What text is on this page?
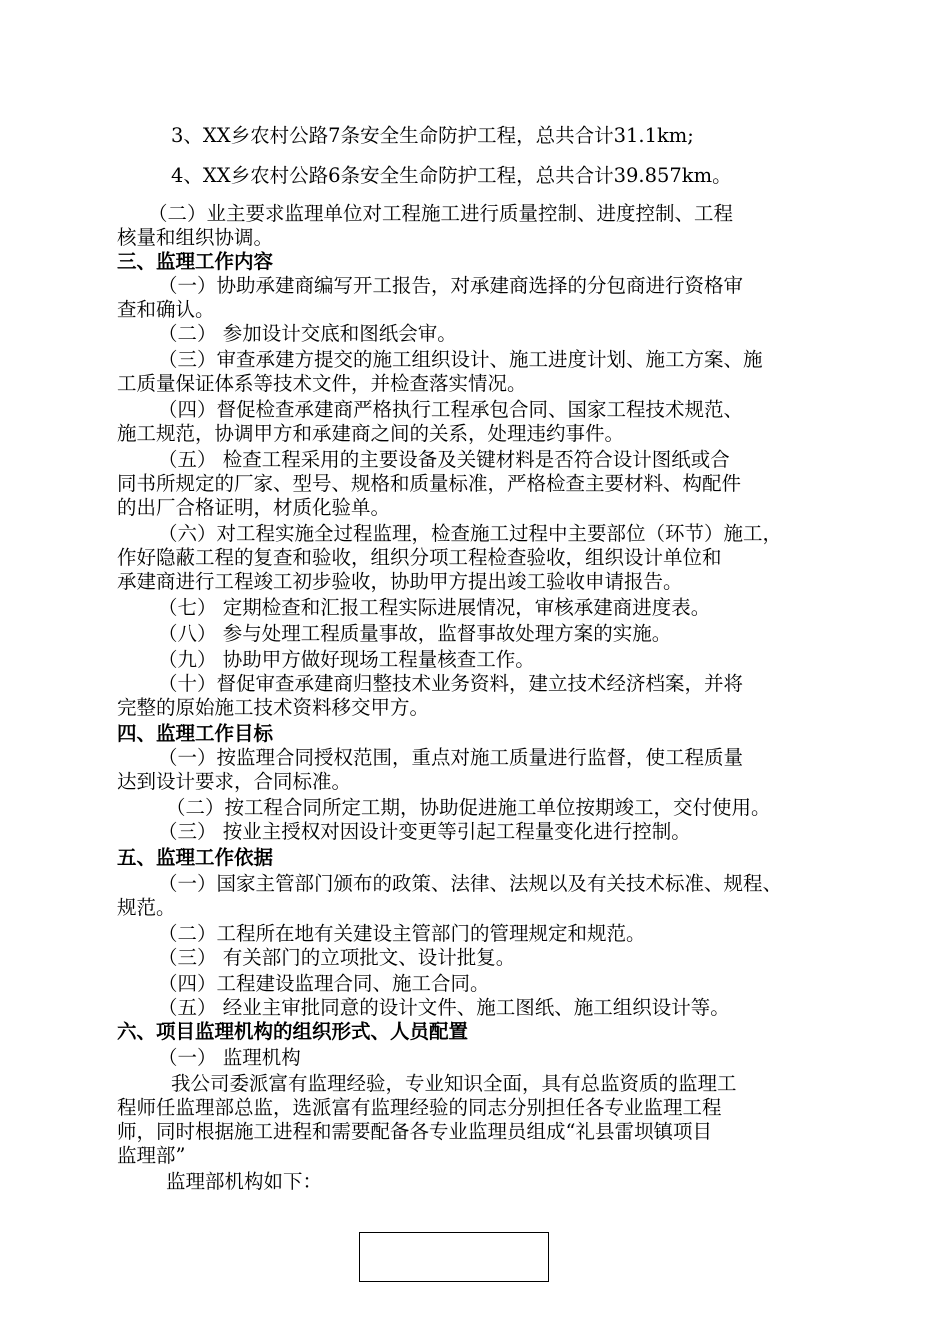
3、XX乡农村公路7条安全生命防护工程，总共合计31.1km;
4、XX乡农村公路6条安全生命防护工程，总共合计39.857km。
（二）业主要求监理单位对工程施工进行质量控制、进度控制、工程
核量和组织协调。
三、监理工作内容
（一）协助承建商编写开工报告，对承建商选择的分包商进行资格审
查和确认。
（二） 参加设计交底和图纸会审。
（三）审查承建方提交的施工组织设计、施工进度计划、施工方案、施
工质量保证体系等技术文件，并检查落实情况。
（四）督促检查承建商严格执行工程承包合同、国家工程技术规范、
施工规范，协调甲方和承建商之间的关系，处理违约事件。
（五） 检查工程采用的主要设备及关键材料是否符合设计图纸或合
同书所规定的厂家、型号、规格和质量标准，严格检查主要材料、构配件
的出厂合格证明，材质化验单。
（六）对工程实施全过程监理，检查施工过程中主要部位（环节）施工，
作好隐蔽工程的复查和验收，组织分项工程检查验收，组织设计单位和
承建商进行工程竣工初步验收，协助甲方提出竣工验收申请报告。
（七） 定期检查和汇报工程实际进展情况，审核承建商进度表。
（八） 参与处理工程质量事故，监督事故处理方案的实施。
（九） 协助甲方做好现场工程量核查工作。
（十）督促审查承建商归整技术业务资料，建立技术经济档案，并将
完整的原始施工技术资料移交甲方。
四、监理工作目标
（一）按监理合同授权范围，重点对施工质量进行监督，使工程质量
达到设计要求，合同标准。
（二）按工程合同所定工期，协助促进施工单位按期竣工，交付使用。
（三） 按业主授权对因设计变更等引起工程量变化进行控制。
五、监理工作依据
（一）国家主管部门颁布的政策、法律、法规以及有关技术标准、规程、
规范。
（二）工程所在地有关建设主管部门的管理规定和规范。
（三） 有关部门的立项批文、设计批复。
（四）工程建设监理合同、施工合同。
（五） 经业主审批同意的设计文件、施工图纸、施工组织设计等。
六、项目监理机构的组织形式、人员配置
（一） 监理机构
我公司委派富有监理经验，专业知识全面，具有总监资质的监理工
程师任监理部总监，选派富有监理经验的同志分别担任各专业监理工程
师，同时根据施工进程和需要配备各专业监理员组成“礼县雷坝镇项目
监理部”
监理部机构如下：
